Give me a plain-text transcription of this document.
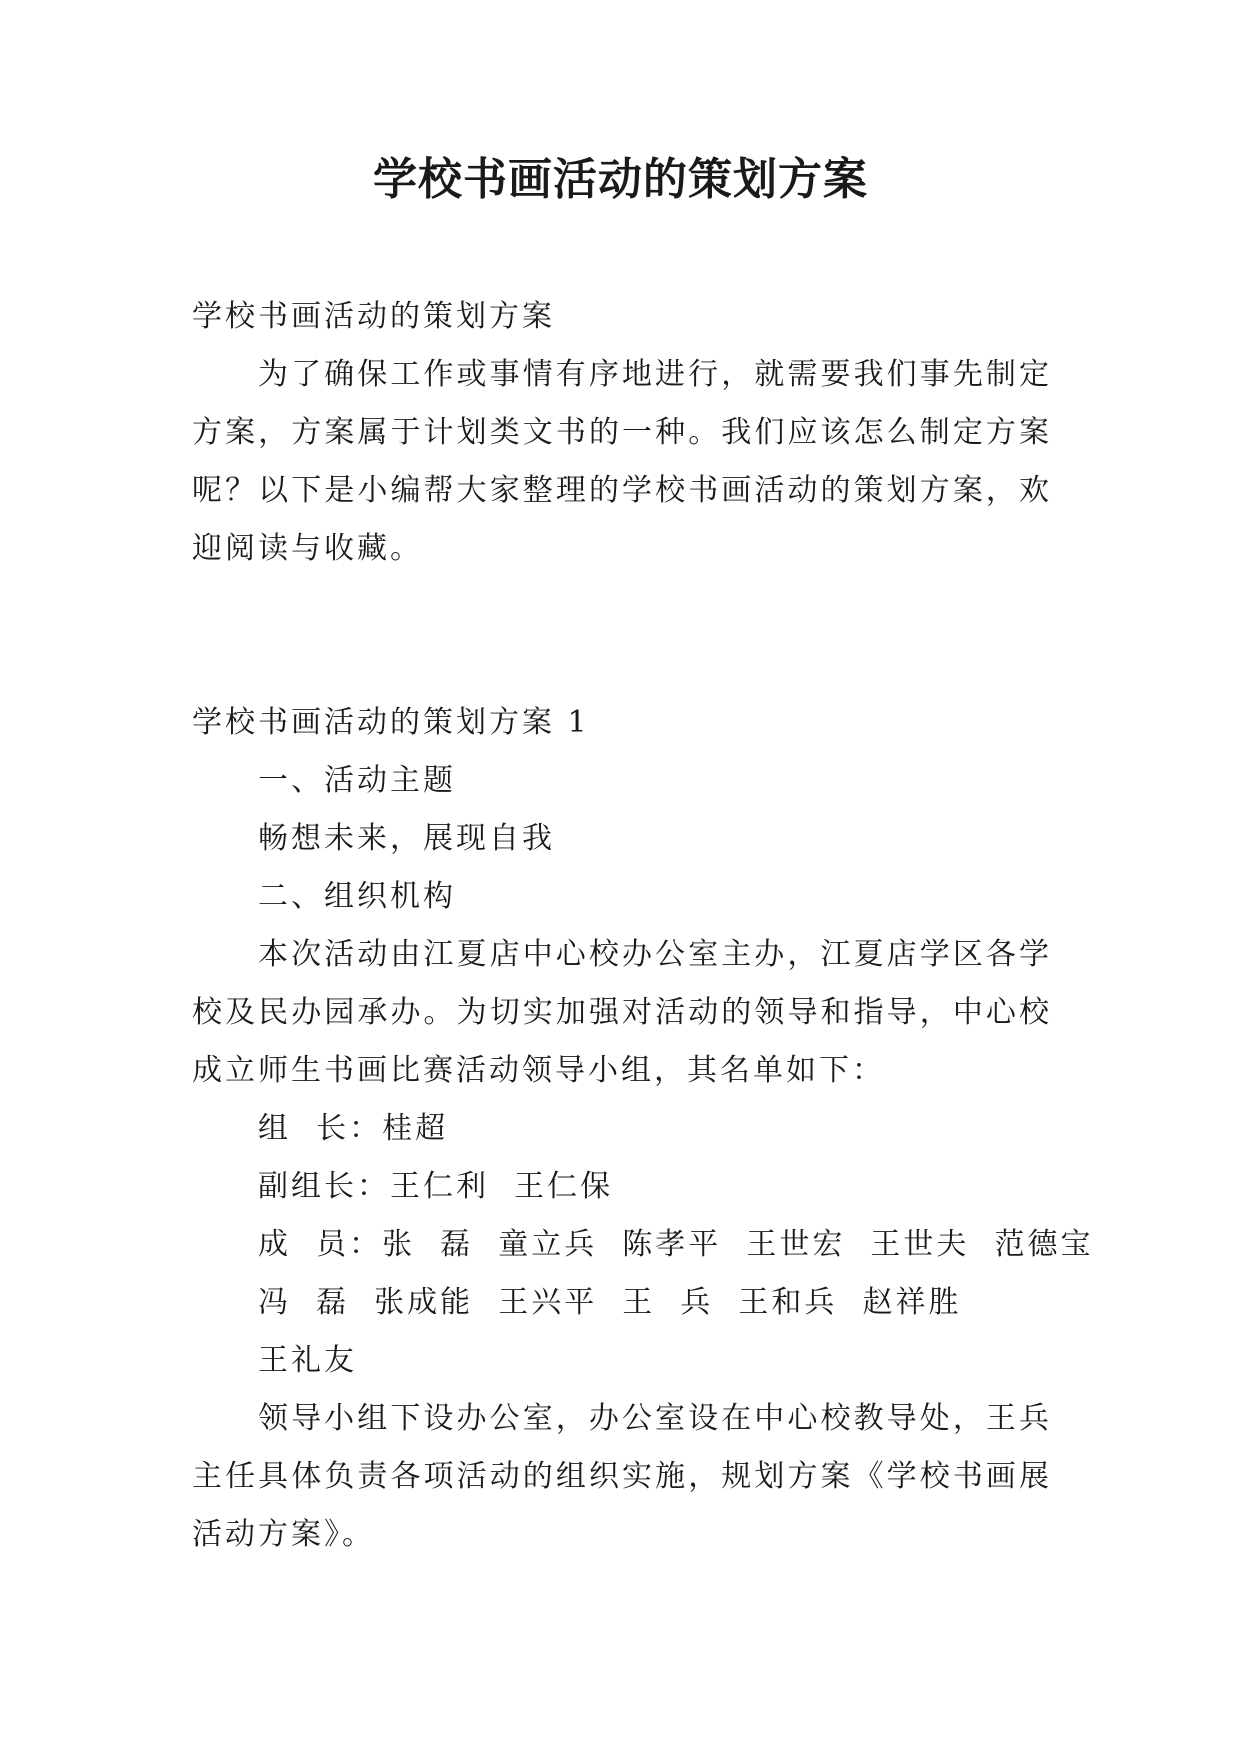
学校书画活动的策划方案
学校书画活动的策划方案
为了确保工作或事情有序地进行，就需要我们事先制定
方案，方案属于计划类文书的一种。我们应该怎么制定方案
呢？以下是小编帮大家整理的学校书画活动的策划方案，欢
迎阅读与收藏。
学校书画活动的策划方案 1
一、活动主题
畅想未来，展现自我
二、组织机构
本次活动由江夏店中心校办公室主办，江夏店学区各学
校及民办园承办。为切实加强对活动的领导和指导，中心校
成立师生书画比赛活动领导小组，其名单如下：
组  长：桂超
副组长：王仁利  王仁保
成  员：张  磊  童立兵  陈孝平  王世宏  王世夫  范德宝
冯  磊  张成能  王兴平  王  兵  王和兵  赵祥胜
王礼友
领导小组下设办公室，办公室设在中心校教导处，王兵
主任具体负责各项活动的组织实施，规划方案《学校书画展
活动方案》。
